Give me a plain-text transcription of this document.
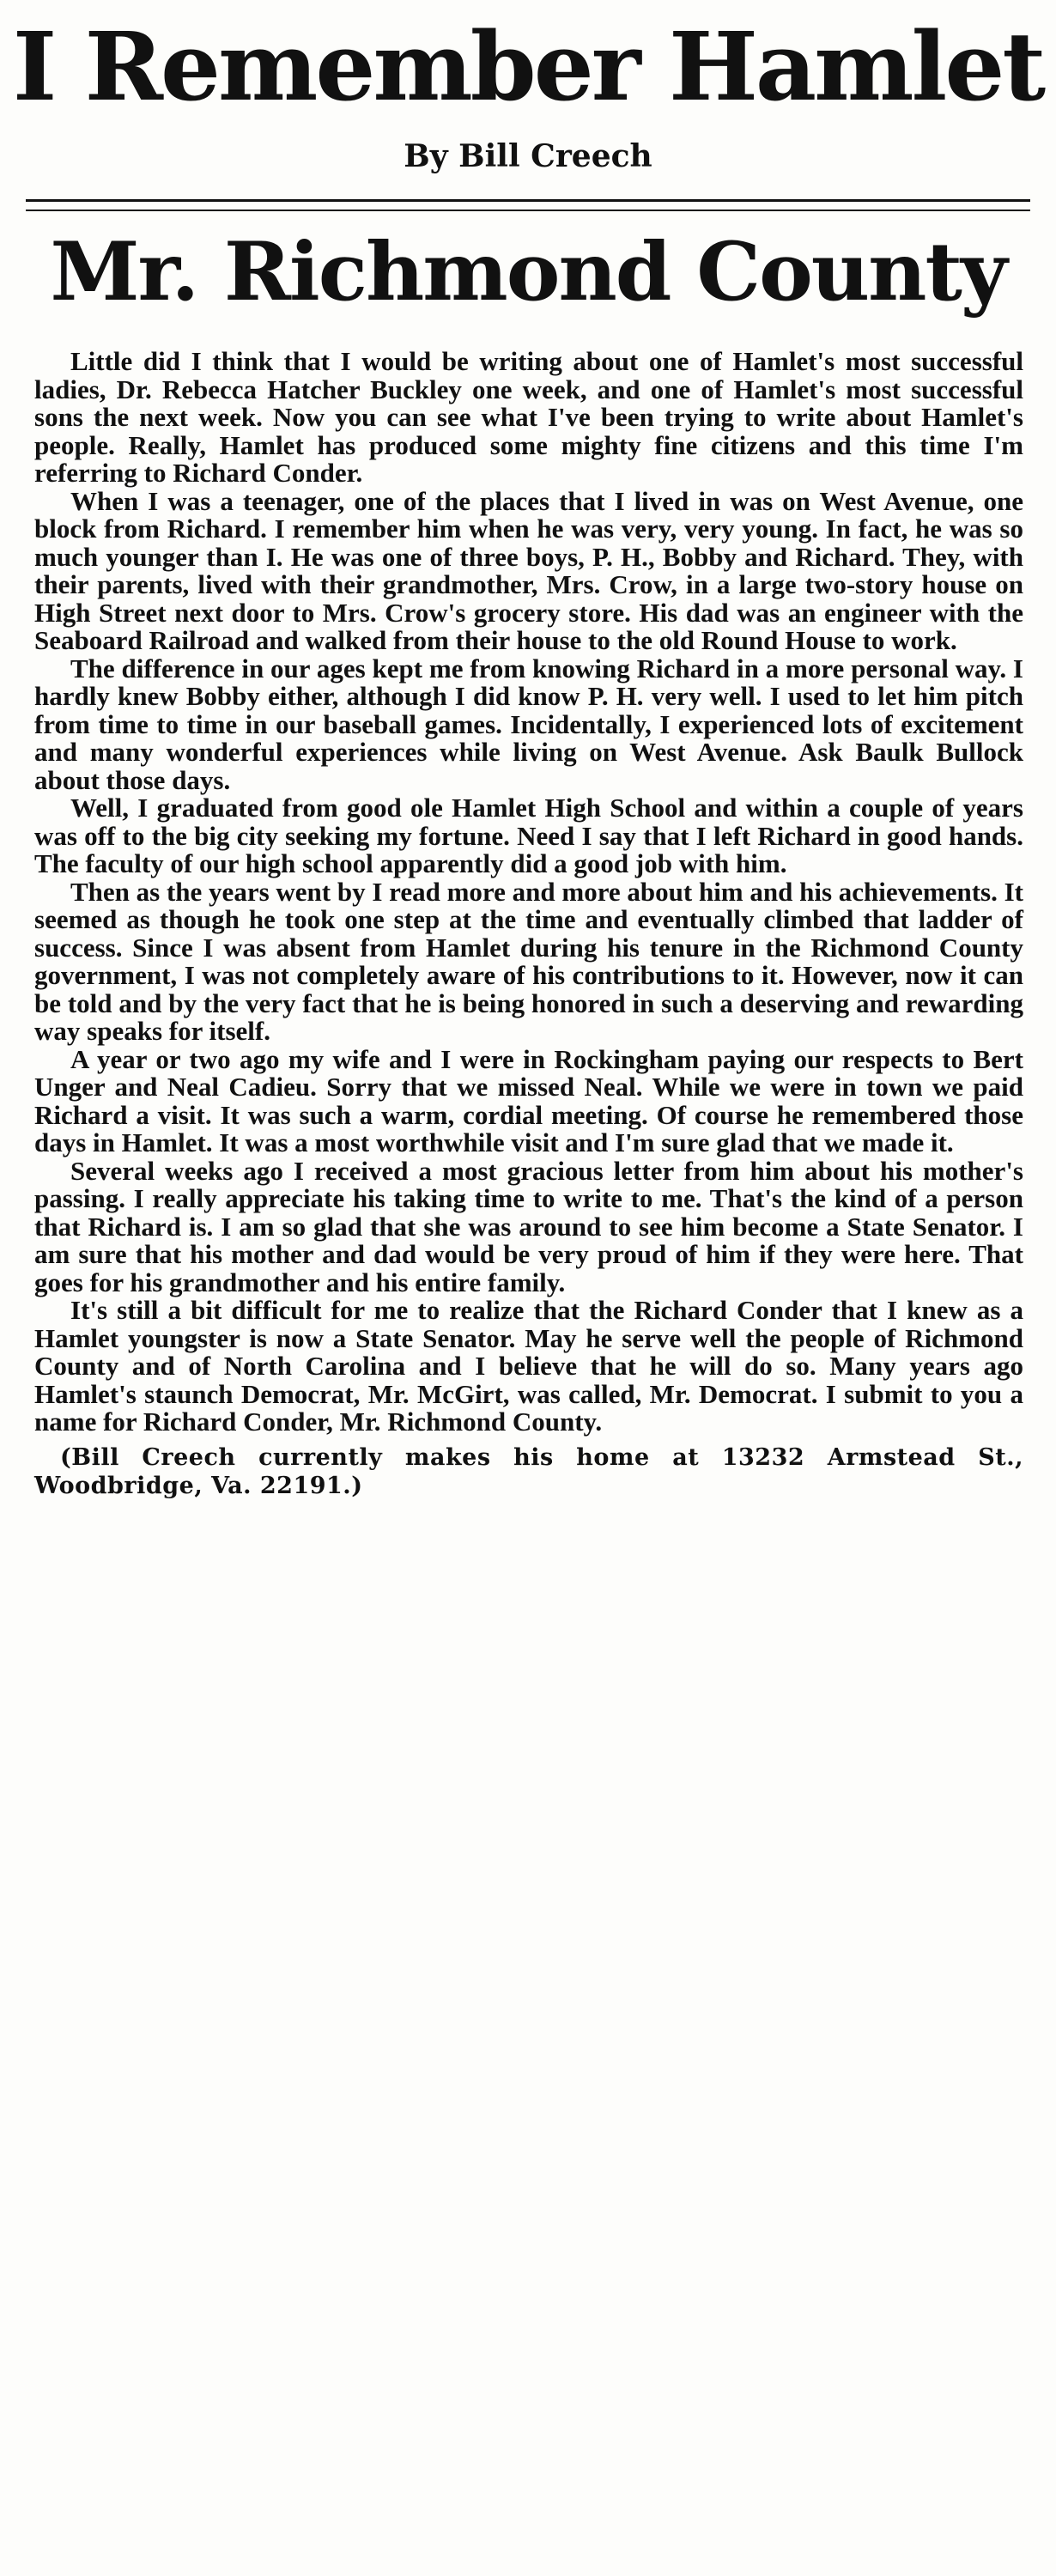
I Remember Hamlet
By Bill Creech
Mr. Richmond County

Little did I think that I would be writing about one of Hamlet's most successful ladies, Dr. Rebecca Hatcher Buckley one week, and one of Hamlet's most successful sons the next week. Now you can see what I've been trying to write about Hamlet's people. Really, Hamlet has produced some mighty fine citizens and this time I'm referring to Richard Conder.

When I was a teenager, one of the places that I lived in was on West Avenue, one block from Richard. I remember him when he was very, very young. In fact, he was so much younger than I. He was one of three boys, P. H., Bobby and Richard. They, with their parents, lived with their grandmother, Mrs. Crow, in a large two-story house on High Street next door to Mrs. Crow's grocery store. His dad was an engineer with the Seaboard Railroad and walked from their house to the old Round House to work.

The difference in our ages kept me from knowing Richard in a more personal way. I hardly knew Bobby either, although I did know P. H. very well. I used to let him pitch from time to time in our baseball games. Incidentally, I experienced lots of excitement and many wonderful experiences while living on West Avenue. Ask Baulk Bullock about those days.

Well, I graduated from good ole Hamlet High School and within a couple of years was off to the big city seeking my fortune. Need I say that I left Richard in good hands. The faculty of our high school apparently did a good job with him.

Then as the years went by I read more and more about him and his achievements. It seemed as though he took one step at the time and eventually climbed that ladder of success. Since I was absent from Hamlet during his tenure in the Richmond County government, I was not completely aware of his contributions to it. However, now it can be told and by the very fact that he is being honored in such a deserving and rewarding way speaks for itself.

A year or two ago my wife and I were in Rockingham paying our respects to Bert Unger and Neal Cadieu. Sorry that we missed Neal. While we were in town we paid Richard a visit. It was such a warm, cordial meeting. Of course he remembered those days in Hamlet. It was a most worthwhile visit and I'm sure glad that we made it.

Several weeks ago I received a most gracious letter from him about his mother's passing. I really appreciate his taking time to write to me. That's the kind of a person that Richard is. I am so glad that she was around to see him become a State Senator. I am sure that his mother and dad would be very proud of him if they were here. That goes for his grandmother and his entire family.

It's still a bit difficult for me to realize that the Richard Conder that I knew as a Hamlet youngster is now a State Senator. May he serve well the people of Richmond County and of North Carolina and I believe that he will do so. Many years ago Hamlet's staunch Democrat, Mr. McGirt, was called, Mr. Democrat. I submit to you a name for Richard Conder, Mr. Richmond County.

(Bill Creech currently makes his home at 13232 Armstead St., Woodbridge, Va. 22191.)
